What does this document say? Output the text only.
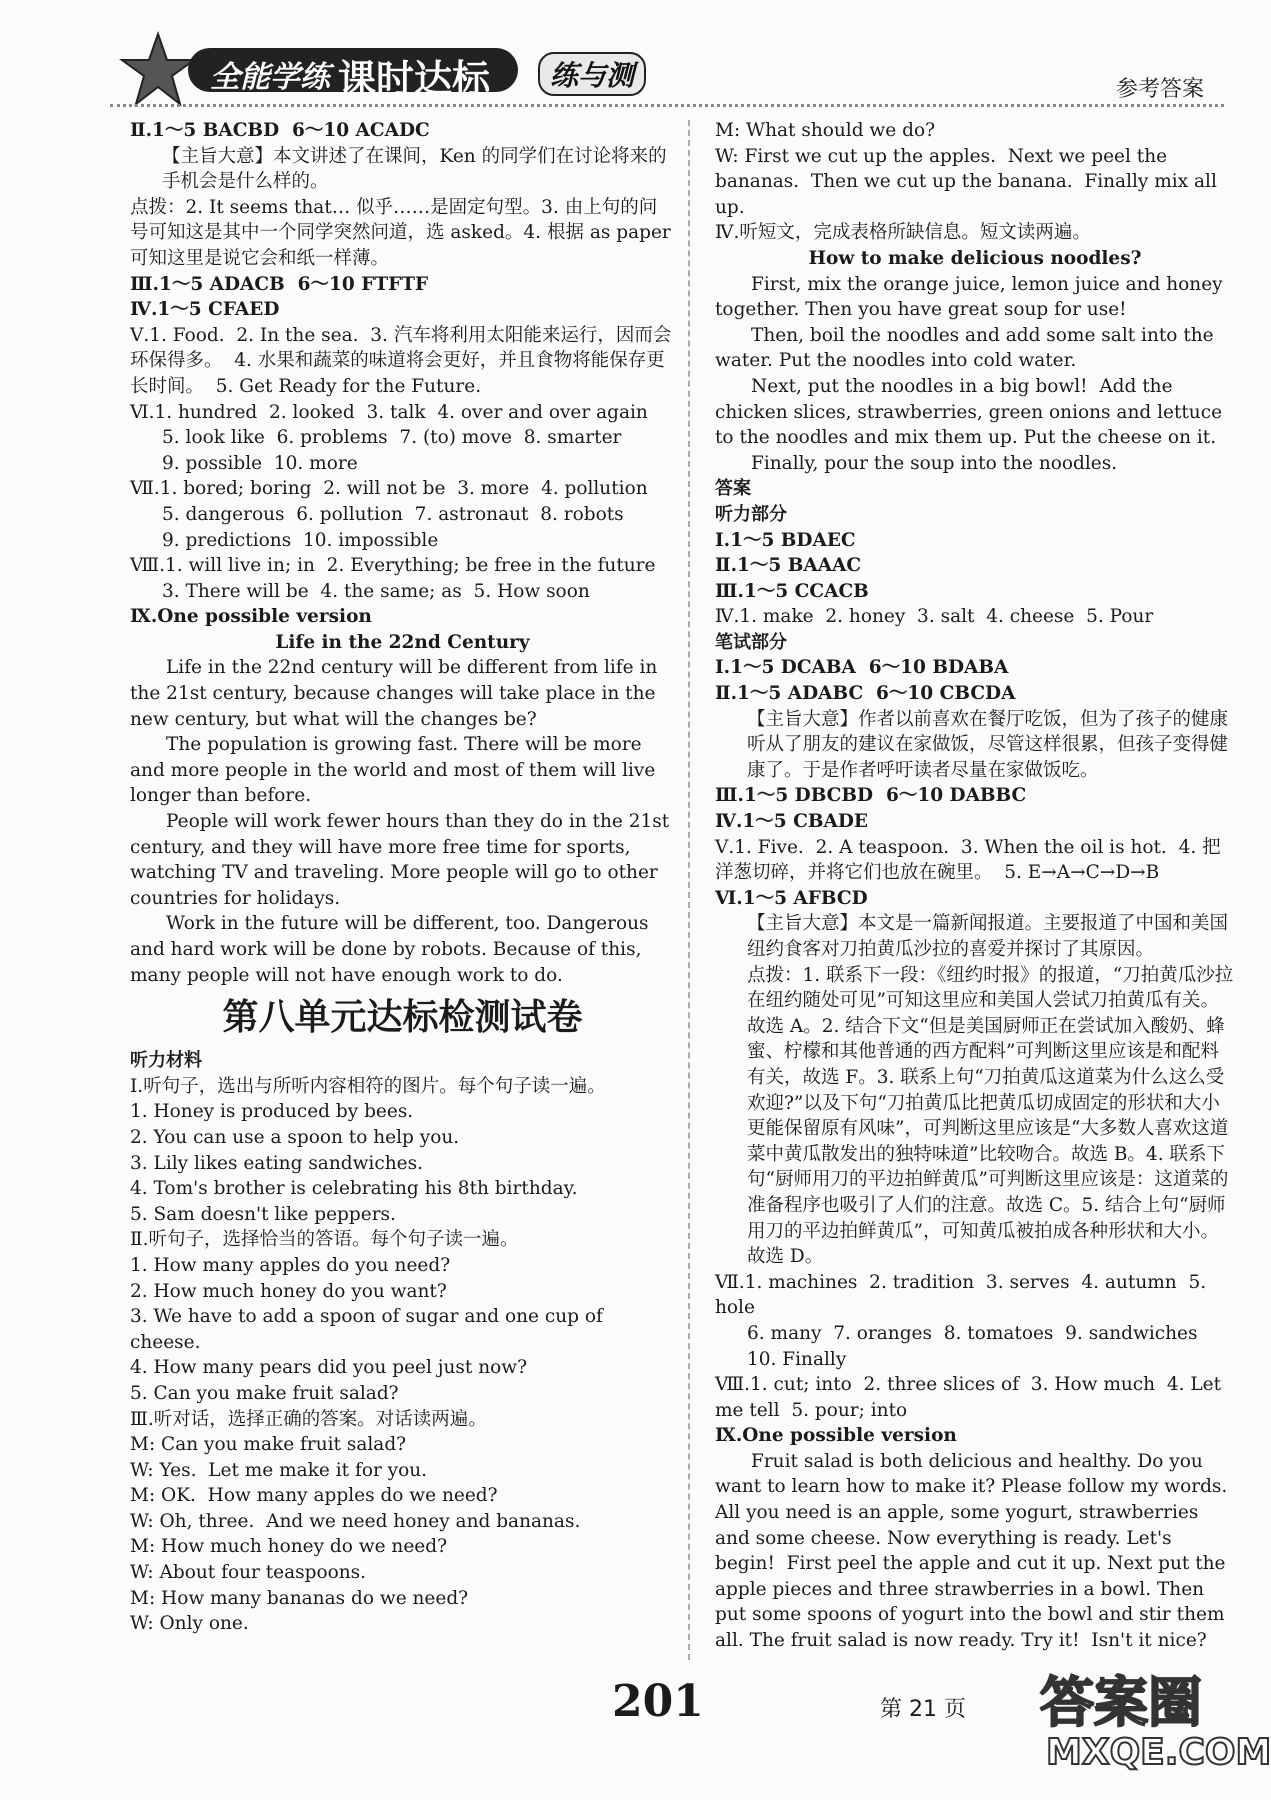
全能学练 课时达标	练与测	参考答案
Ⅱ.1～5 BACBD  6～10 ACADC
【主旨大意】本文讲述了在课间，Ken 的同学们在讨论将来的手机会是什么样的。
点拨：2. It seems that… 似乎……是固定句型。3. 由上句的问号可知这是其中一个同学突然问道，选 asked。4. 根据 as paper 可知这里是说它会和纸一样薄。
Ⅲ.1～5 ADACB  6～10 FTFTF
Ⅳ.1～5 CFAED
Ⅴ.1. Food.  2. In the sea.  3. 汽车将利用太阳能来运行，因而会环保得多。  4. 水果和蔬菜的味道将会更好，并且食物将能保存更长时间。  5. Get Ready for the Future.
Ⅵ.1. hundred  2. looked  3. talk  4. over and over again
5. look like  6. problems  7. (to) move  8. smarter
9. possible  10. more
Ⅶ.1. bored; boring  2. will not be  3. more  4. pollution
5. dangerous  6. pollution  7. astronaut  8. robots
9. predictions  10. impossible
Ⅷ.1. will live in; in  2. Everything; be free in the future
3. There will be  4. the same; as  5. How soon
Ⅸ.One possible version
Life in the 22nd Century
Life in the 22nd century will be different from life in the 21st century, because changes will take place in the new century, but what will the changes be?
The population is growing fast. There will be more and more people in the world and most of them will live longer than before.
People will work fewer hours than they do in the 21st century, and they will have more free time for sports, watching TV and traveling. More people will go to other countries for holidays.
Work in the future will be different, too. Dangerous and hard work will be done by robots. Because of this, many people will not have enough work to do.
第八单元达标检测试卷
听力材料
Ⅰ.听句子，选出与所听内容相符的图片。每个句子读一遍。
1. Honey is produced by bees.
2. You can use a spoon to help you.
3. Lily likes eating sandwiches.
4. Tom's brother is celebrating his 8th birthday.
5. Sam doesn't like peppers.
Ⅱ.听句子，选择恰当的答语。每个句子读一遍。
1. How many apples do you need?
2. How much honey do you want?
3. We have to add a spoon of sugar and one cup of cheese.
4. How many pears did you peel just now?
5. Can you make fruit salad?
Ⅲ.听对话，选择正确的答案。对话读两遍。
M: Can you make fruit salad?
W: Yes.  Let me make it for you.
M: OK.  How many apples do we need?
W: Oh, three.  And we need honey and bananas.
M: How much honey do we need?
W: About four teaspoons.
M: How many bananas do we need?
W: Only one.
M: What should we do?
W: First we cut up the apples.  Next we peel the bananas.  Then we cut up the banana.  Finally mix all up.
Ⅳ.听短文，完成表格所缺信息。短文读两遍。
How to make delicious noodles?
First, mix the orange juice, lemon juice and honey together. Then you have great soup for use!
Then, boil the noodles and add some salt into the water. Put the noodles into cold water.
Next, put the noodles in a big bowl!  Add the chicken slices, strawberries, green onions and lettuce to the noodles and mix them up. Put the cheese on it.
Finally, pour the soup into the noodles.
答案
听力部分
Ⅰ.1～5 BDAEC
Ⅱ.1～5 BAAAC
Ⅲ.1～5 CCACB
Ⅳ.1. make  2. honey  3. salt  4. cheese  5. Pour
笔试部分
Ⅰ.1～5 DCABA  6～10 BDABA
Ⅱ.1～5 ADABC  6～10 CBCDA
【主旨大意】作者以前喜欢在餐厅吃饭，但为了孩子的健康听从了朋友的建议在家做饭，尽管这样很累，但孩子变得健康了。于是作者呼吁读者尽量在家做饭吃。
Ⅲ.1～5 DBCBD  6～10 DABBC
Ⅳ.1～5 CBADE
Ⅴ.1. Five.  2. A teaspoon.  3. When the oil is hot.  4. 把洋葱切碎，并将它们也放在碗里。  5. E→A→C→D→B
Ⅵ.1～5 AFBCD
【主旨大意】本文是一篇新闻报道。主要报道了中国和美国纽约食客对刀拍黄瓜沙拉的喜爱并探讨了其原因。
点拨：1. 联系下一段：《纽约时报》的报道，“刀拍黄瓜沙拉在纽约随处可见”可知这里应和美国人尝试刀拍黄瓜有关。故选 A。2. 结合下文“但是美国厨师正在尝试加入酸奶、蜂蜜、柠檬和其他普通的西方配料”可判断这里应该是和配料有关，故选 F。3. 联系上句“刀拍黄瓜这道菜为什么这么受欢迎?”以及下句“刀拍黄瓜比把黄瓜切成固定的形状和大小更能保留原有风味”，可判断这里应该是“大多数人喜欢这道菜中黄瓜散发出的独特味道”比较吻合。故选 B。4. 联系下句“厨师用刀的平边拍鲜黄瓜”可判断这里应该是：这道菜的准备程序也吸引了人们的注意。故选 C。5. 结合上句“厨师用刀的平边拍鲜黄瓜”，可知黄瓜被拍成各种形状和大小。故选 D。
Ⅶ.1. machines  2. tradition  3. serves  4. autumn  5. hole
6. many  7. oranges  8. tomatoes  9. sandwiches
10. Finally
Ⅷ.1. cut; into  2. three slices of  3. How much  4. Let me tell  5. pour; into
Ⅸ.One possible version
Fruit salad is both delicious and healthy. Do you want to learn how to make it? Please follow my words. All you need is an apple, some yogurt, strawberries and some cheese. Now everything is ready. Let's begin!  First peel the apple and cut it up. Next put the apple pieces and three strawberries in a bowl. Then put some spoons of yogurt into the bowl and stir them all. The fruit salad is now ready. Try it!  Isn't it nice?
201	第 21 页 答案圈
MXQE.COM
